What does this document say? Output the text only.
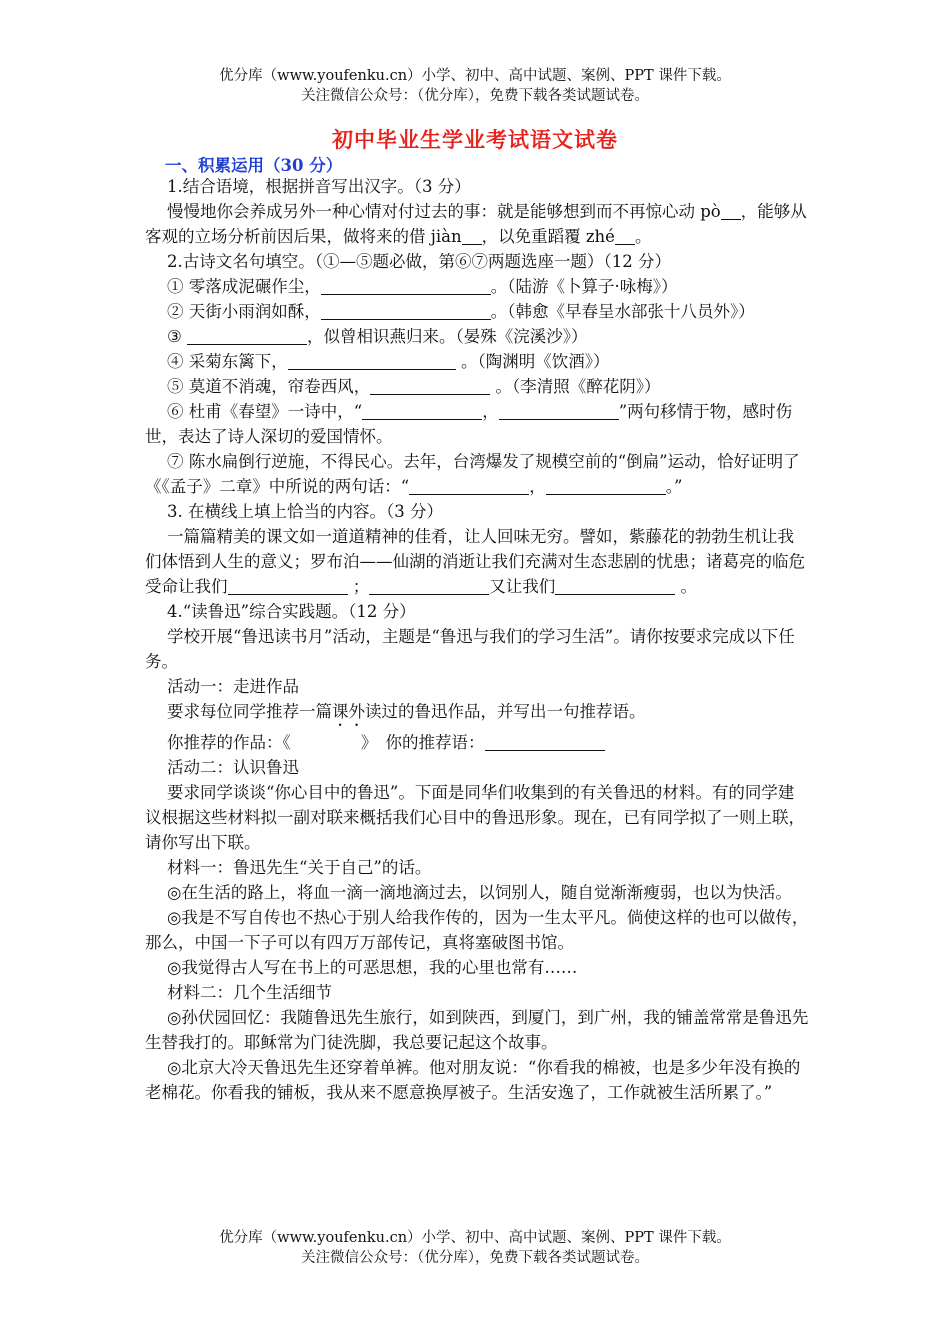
优分库（www.youfenku.cn）小学、初中、高中试题、案例、PPT 课件下载。
关注微信公众号：（优分库），免费下载各类试题试卷。
初中毕业生学业考试语文试卷
一、积累运用（30 分）

1.结合语境，根据拼音写出汉字。（3 分）

慢慢地你会养成另外一种心情对付过去的事：就是能够想到而不再惊心动 pò ，能够从客观的立场分析前因后果，做将来的借 jiàn ，以免重蹈覆 zhé 。

2.古诗文名句填空。（①—⑤题必做，第⑥⑦两题选座一题）（12 分）

① 零落成泥碾作尘，	。（陆游《卜算子·咏梅》）

② 天街小雨润如酥，	。（韩愈《早春呈水部张十八员外》）

③	，似曾相识燕归来。（晏殊《浣溪沙》）

④ 采菊东篱下，	。（陶渊明《饮酒》）

⑤ 莫道不消魂，帘卷西风，	。（李清照《醉花阴》）

⑥ 杜甫《春望》一诗中，“	，	”两句移情于物，感时伤世，表达了诗人深切的爱国情怀。

⑦ 陈水扁倒行逆施，不得民心。去年，台湾爆发了规模空前的“倒扁”运动，恰好证明了《《孟子》二章》中所说的两句话：“	，	。”

3. 在横线上填上恰当的内容。（3 分）

一篇篇精美的课文如一道道精神的佳肴，让人回味无穷。譬如，紫藤花的勃勃生机让我们体悟到人生的意义；罗布泊——仙湖的消逝让我们充满对生态悲剧的忧患；诸葛亮的临危受命让我们	；	又让我们	。

4.“读鲁迅”综合实践题。（12 分）

学校开展“鲁迅读书月”活动，主题是“鲁迅与我们的学习生活”。请你按要求完成以下任务。

活动一：走进作品

要求每位同学推荐一篇课外读过的鲁迅作品，并写出一句推荐语。

你推荐的作品：《	》　你的推荐语：

活动二：认识鲁迅

要求同学谈谈“你心目中的鲁迅”。下面是同华们收集到的有关鲁迅的材料。有的同学建议根据这些材料拟一副对联来概括我们心目中的鲁迅形象。现在，已有同学拟了一则上联，请你写出下联。

材料一：鲁迅先生“关于自己”的话。

◎在生活的路上，将血一滴一滴地滴过去，以饲别人，随自觉渐渐瘦弱，也以为快活。

◎我是不写自传也不热心于别人给我作传的，因为一生太平凡。倘使这样的也可以做传，那么，中国一下子可以有四万万部传记，真将塞破图书馆。

◎我觉得古人写在书上的可恶思想，我的心里也常有……

材料二：几个生活细节

◎孙伏园回忆：我随鲁迅先生旅行，如到陕西，到厦门，到广州，我的铺盖常常是鲁迅先生替我打的。耶稣常为门徒洗脚，我总要记起这个故事。

◎北京大冷天鲁迅先生还穿着单裤。他对朋友说：“你看我的棉被，也是多少年没有换的老棉花。你看我的铺板，我从来不愿意换厚被子。生活安逸了，工作就被生活所累了。”

优分库（www.youfenku.cn）小学、初中、高中试题、案例、PPT 课件下载。
关注微信公众号：（优分库），免费下载各类试题试卷。
